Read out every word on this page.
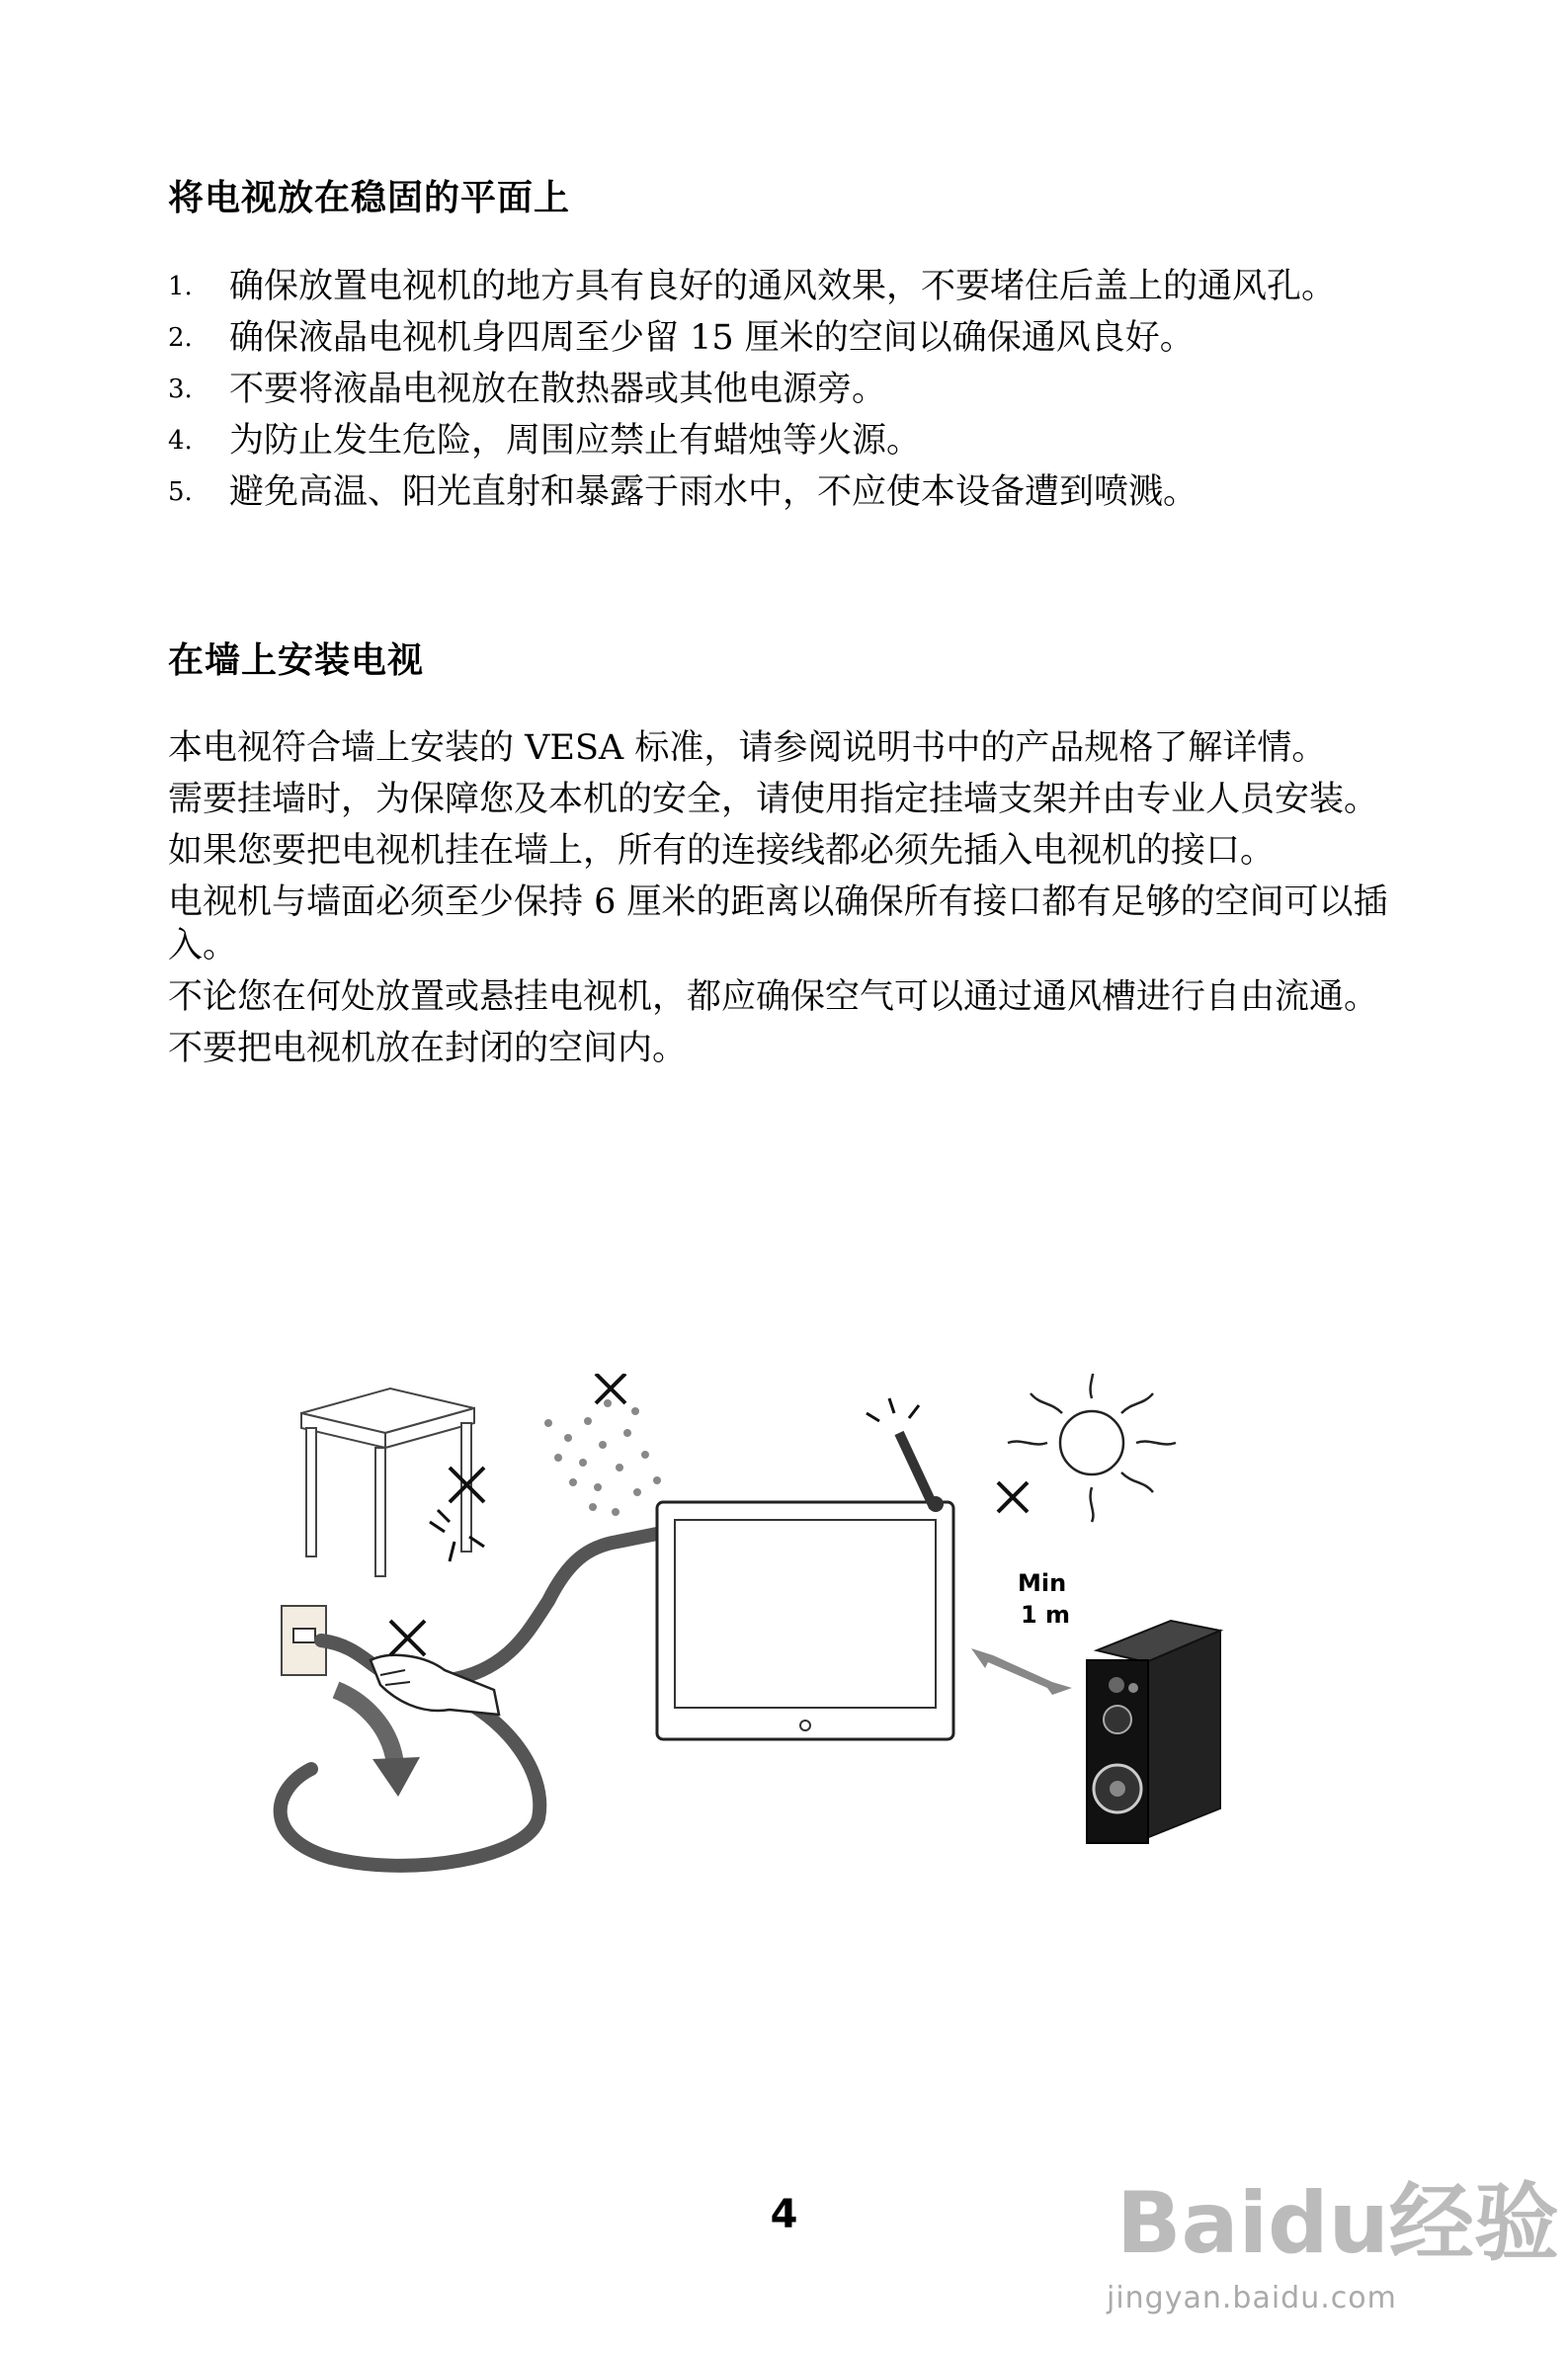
将电视放在稳固的平面上
1. 确保放置电视机的地方具有良好的通风效果，不要堵住后盖上的通风孔。
2. 确保液晶电视机身四周至少留 15 厘米的空间以确保通风良好。
3. 不要将液晶电视放在散热器或其他电源旁。
4. 为防止发生危险，周围应禁止有蜡烛等火源。
5. 避免高温、阳光直射和暴露于雨水中，不应使本设备遭到喷溅。
在墙上安装电视

本电视符合墙上安装的 VESA 标准，请参阅说明书中的产品规格了解详情。

需要挂墙时，为保障您及本机的安全，请使用指定挂墙支架并由专业人员安装。

如果您要把电视机挂在墙上，所有的连接线都必须先插入电视机的接口。

电视机与墙面必须至少保持 6 厘米的距离以确保所有接口都有足够的空间可以插入。

不论您在何处放置或悬挂电视机，都应确保空气可以通过通风槽进行自由流通。

不要把电视机放在封闭的空间内。

Min
1 m
4	Baidu经验
jingyan.baidu.com
